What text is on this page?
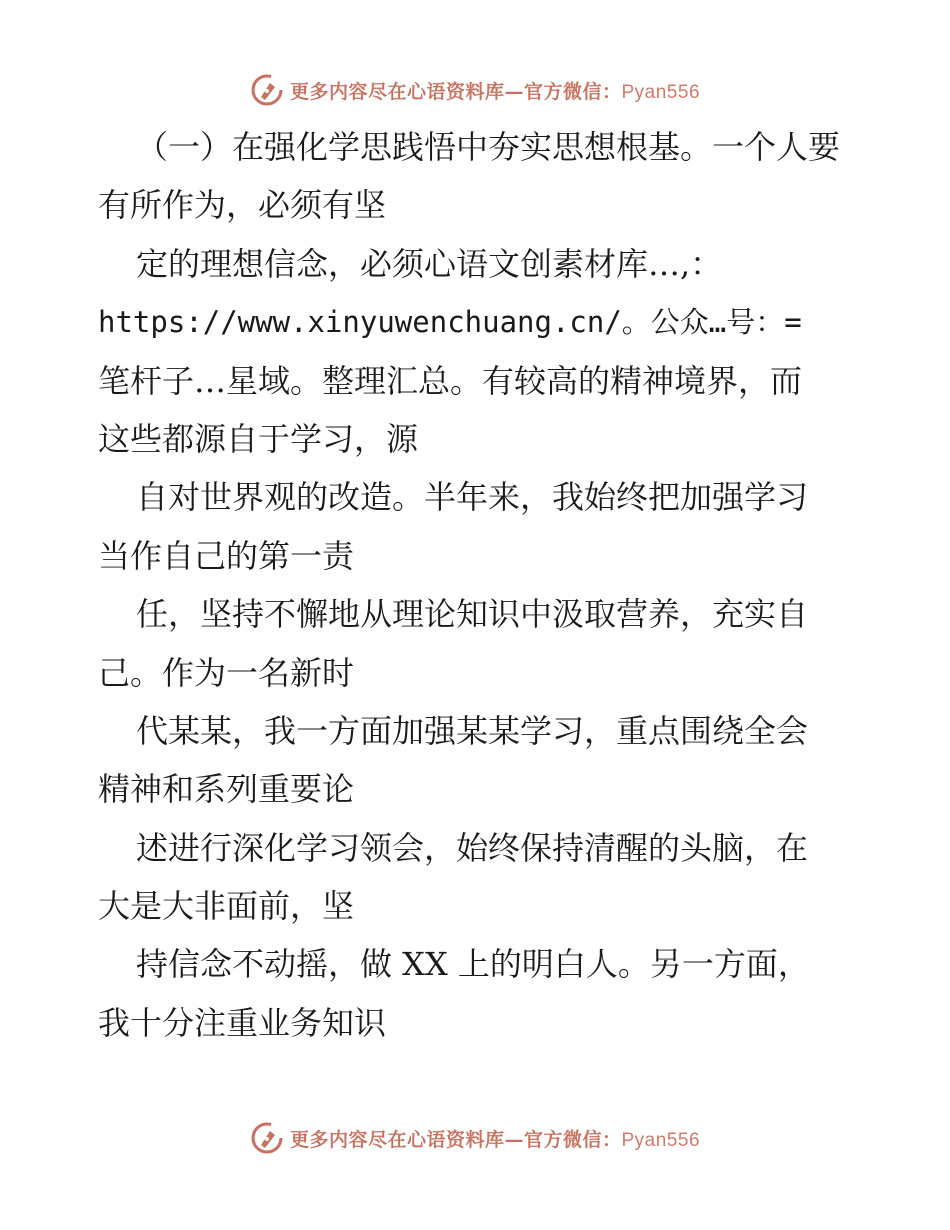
更多内容尽在心语资料库—官方微信：Pyan556
（一）在强化学思践悟中夯实思想根基。一个人要
有所作为，必须有坚
定的理想信念，必须心语文创素材库…,：
https://www.xinyuwenchuang.cn/。公众…号：=
笔杆子…星域。整理汇总。有较高的精神境界，而
这些都源自于学习，源
自对世界观的改造。半年来，我始终把加强学习
当作自己的第一责
任，坚持不懈地从理论知识中汲取营养，充实自
己。作为一名新时
代某某，我一方面加强某某学习，重点围绕全会
精神和系列重要论
述进行深化学习领会，始终保持清醒的头脑，在
大是大非面前，坚
持信念不动摇，做 XX 上的明白人。另一方面，
我十分注重业务知识
更多内容尽在心语资料库—官方微信：Pyan556
